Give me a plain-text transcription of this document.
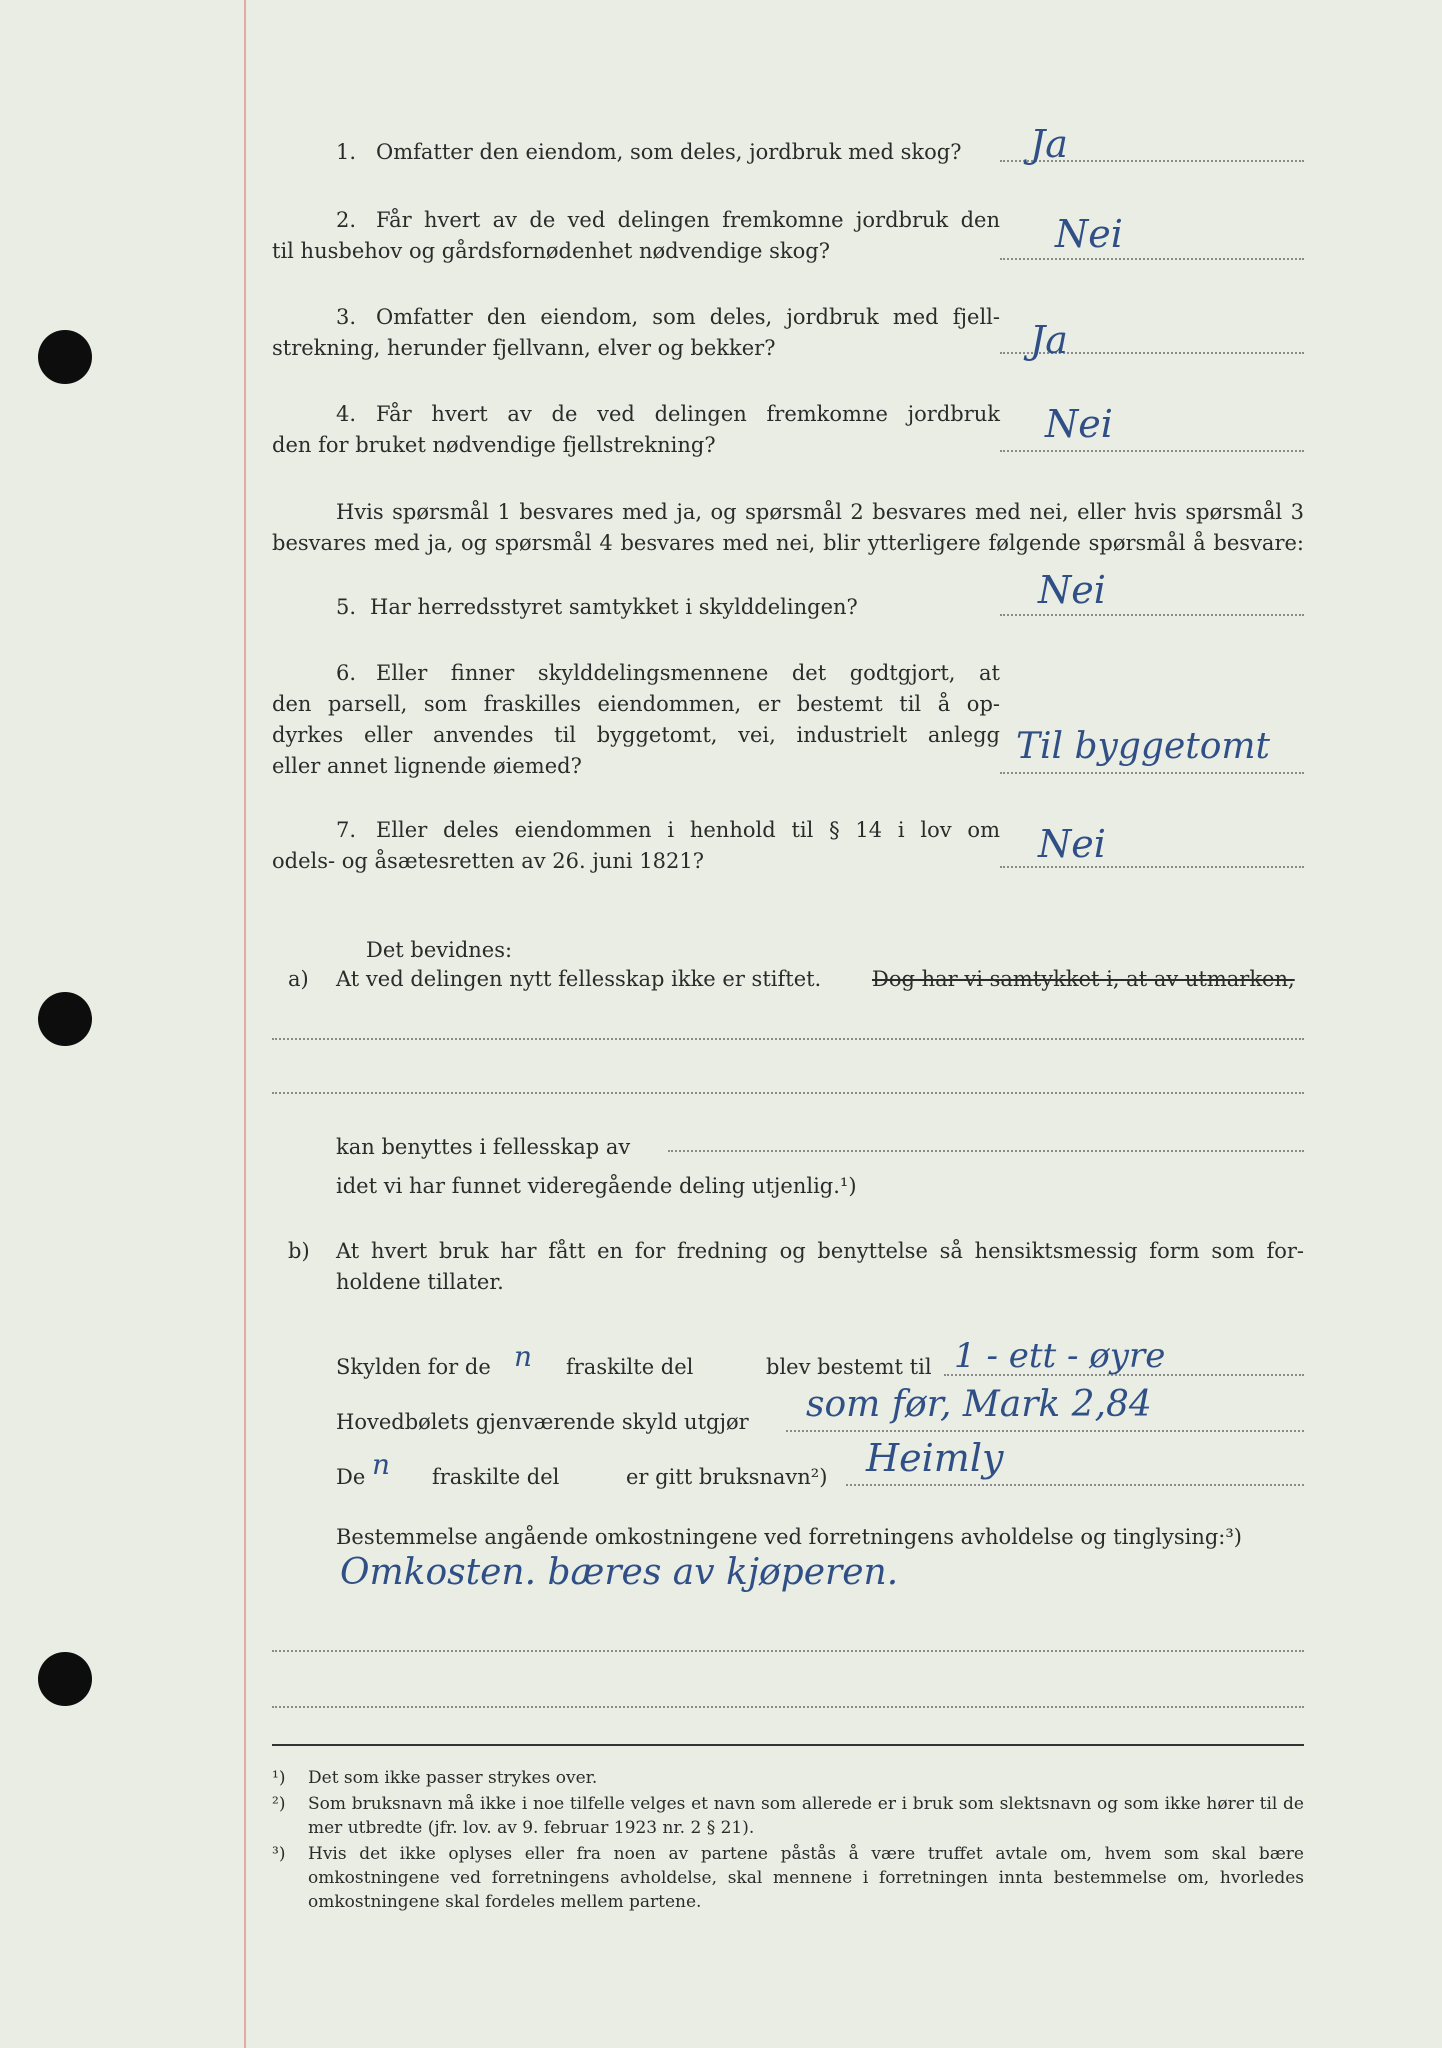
1. Omfatter den eiendom, som deles, jordbruk med skog?	Ja
2. Får hvert av de ved delingen fremkomne jordbruk den
til husbehov og gårdsfornødenhet nødvendige skog?	Nei
3. Omfatter den eiendom, som deles, jordbruk med fjell-
strekning, herunder fjellvann, elver og bekker?	Ja
4. Får hvert av de ved delingen fremkomne jordbruk
den for bruket nødvendige fjellstrekning?	Nei
Hvis spørsmål 1 besvares med ja, og spørsmål 2 besvares med nei, eller hvis spørsmål 3
besvares med ja, og spørsmål 4 besvares med nei, blir ytterligere følgende spørsmål å besvare:
5. Har herredsstyret samtykket i skylddelingen?	Nei
6. Eller finner skylddelingsmennene det godtgjort, at
den parsell, som fraskilles eiendommen, er bestemt til å op-
dyrkes eller anvendes til byggetomt, vei, industrielt anlegg
eller annet lignende øiemed?	Til byggetomt
7. Eller deles eiendommen i henhold til § 14 i lov om
odels- og åsætesretten av 26. juni 1821?	Nei
Det bevidnes:
a) At ved delingen nytt fellesskap ikke er stiftet. Dog har vi samtykket i, at av utmarken,
kan benyttes i fellesskap av
idet vi har funnet videregående deling utjenlig.¹)
b) At hvert bruk har fått en for fredning og benyttelse så hensiktsmessig form som for-
holdene tillater.
Skylden for de n fraskilte del	blev bestemt til 1 - ett - øyre
Hovedbølets gjenværende skyld utgjør som før, Mark 2,84
De n fraskilte del	er gitt bruksnavn²) Heimly
Bestemmelse angående omkostningene ved forretningens avholdelse og tinglysing:³)
Omkosten. bæres av kjøperen.
¹) Det som ikke passer strykes over.
²) Som bruksnavn må ikke i noe tilfelle velges et navn som allerede er i bruk som slektsnavn og som ikke hører til de mer utbredte (jfr. lov. av 9. februar 1923 nr. 2 § 21).
³) Hvis det ikke oplyses eller fra noen av partene påstås å være truffet avtale om, hvem som skal bære omkostningene ved forretningens avholdelse, skal mennene i forretningen innta bestemmelse om, hvorledes omkostningene skal fordeles mellem partene.
